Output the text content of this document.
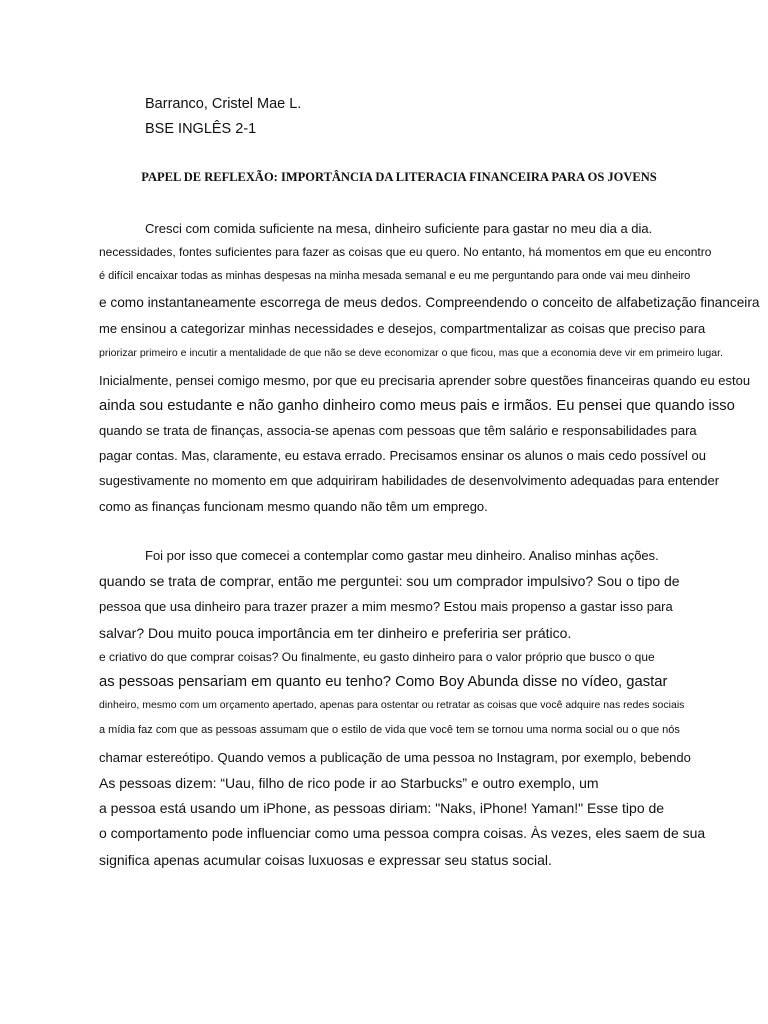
Barranco, Cristel Mae L.
BSE INGLÊS 2-1
PAPEL DE REFLEXÃO: IMPORTÂNCIA DA LITERACIA FINANCEIRA PARA OS JOVENS
Cresci com comida suficiente na mesa, dinheiro suficiente para gastar no meu dia a dia.
necessidades, fontes suficientes para fazer as coisas que eu quero. No entanto, há momentos em que eu encontro
é difícil encaixar todas as minhas despesas na minha mesada semanal e eu me perguntando para onde vai meu dinheiro
e como instantaneamente escorrega de meus dedos. Compreendendo o conceito de alfabetização financeira
me ensinou a categorizar minhas necessidades e desejos, compartmentalizar as coisas que preciso para
priorizar primeiro e incutir a mentalidade de que não se deve economizar o que ficou, mas que a economia deve vir em primeiro lugar.
Inicialmente, pensei comigo mesmo, por que eu precisaria aprender sobre questões financeiras quando eu estou
ainda sou estudante e não ganho dinheiro como meus pais e irmãos. Eu pensei que quando isso
quando se trata de finanças, associa-se apenas com pessoas que têm salário e responsabilidades para
pagar contas. Mas, claramente, eu estava errado. Precisamos ensinar os alunos o mais cedo possível ou
sugestivamente no momento em que adquiriram habilidades de desenvolvimento adequadas para entender
como as finanças funcionam mesmo quando não têm um emprego.
Foi por isso que comecei a contemplar como gastar meu dinheiro. Analiso minhas ações.
quando se trata de comprar, então me perguntei: sou um comprador impulsivo? Sou o tipo de
pessoa que usa dinheiro para trazer prazer a mim mesmo? Estou mais propenso a gastar isso para
salvar? Dou muito pouca importância em ter dinheiro e preferiria ser prático.
e criativo do que comprar coisas? Ou finalmente, eu gasto dinheiro para o valor próprio que busco o que
as pessoas pensariam em quanto eu tenho? Como Boy Abunda disse no vídeo, gastar
dinheiro, mesmo com um orçamento apertado, apenas para ostentar ou retratar as coisas que você adquire nas redes sociais
a mídia faz com que as pessoas assumam que o estilo de vida que você tem se tornou uma norma social ou o que nós
chamar estereótipo. Quando vemos a publicação de uma pessoa no Instagram, por exemplo, bebendo
As pessoas dizem: “Uau, filho de rico pode ir ao Starbucks” e outro exemplo, um
a pessoa está usando um iPhone, as pessoas diriam: "Naks, iPhone! Yaman!" Esse tipo de
o comportamento pode influenciar como uma pessoa compra coisas. Às vezes, eles saem de sua
significa apenas acumular coisas luxuosas e expressar seu status social.
